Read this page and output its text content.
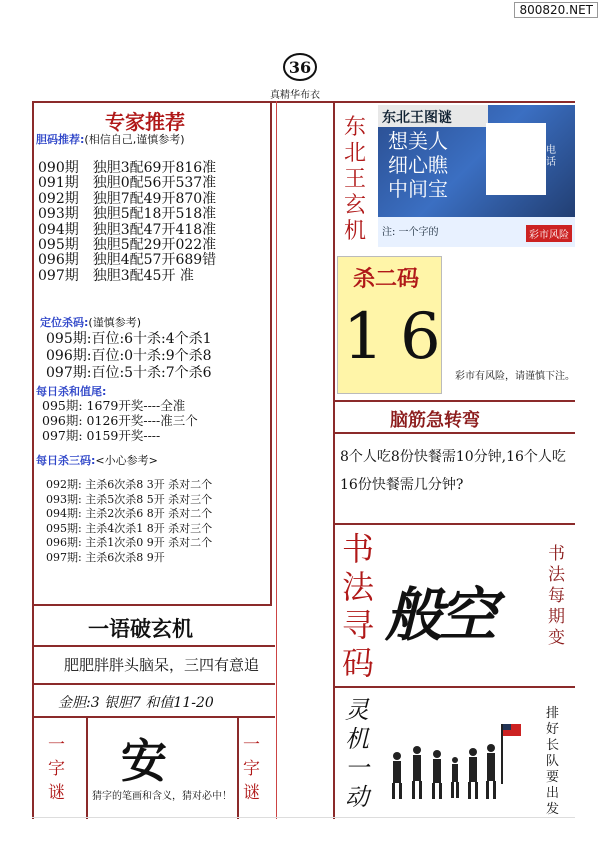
800820.NET
36
真精华布衣
专家推荐
胆码推荐:(相信自己,谨慎参考)
090期　独胆3配69开816准
091期　独胆0配56开537准
092期　独胆7配49开870准
093期　独胆5配18开518准
094期　独胆3配47开418准
095期　独胆5配29开022准
096期　独胆4配57开689错
097期　独胆3配45开 准
定位杀码:(谨慎参考)
095期:百位:6十杀:4个杀1
096期:百位:0十杀:9个杀8
097期:百位:5十杀:7个杀6
每日杀和值尾:
095期: 1679开奖----全准
096期: 0126开奖----准三个
097期: 0159开奖----
每日杀三码:<小心参考>
092期: 主杀6次杀8 3开 杀对二个
093期: 主杀5次杀8 5开 杀对三个
094期: 主杀2次杀6 8开 杀对二个
095期: 主杀4次杀1 8开 杀对三个
096期: 主杀1次杀0 9开 杀对二个
097期: 主杀6次杀8 9开
一语破玄机
肥肥胖胖头脑呆，三四有意追
金胆:3 银胆7 和值11-20
一字谜
安
猜字的笔画和含义，猜对必中！
一字谜
东北王玄机
东北王图谜
想美人
细心瞧
中间宝
电话
注: 一个字的	彩市风险
杀二码
1 6
彩市有风险，请谨慎下注。
脑筋急转弯
8个人吃8份快餐需10分钟,16个人吃16份快餐需几分钟?
书法寻码
般空
书法每期变
灵机一动
排好长队要出发
